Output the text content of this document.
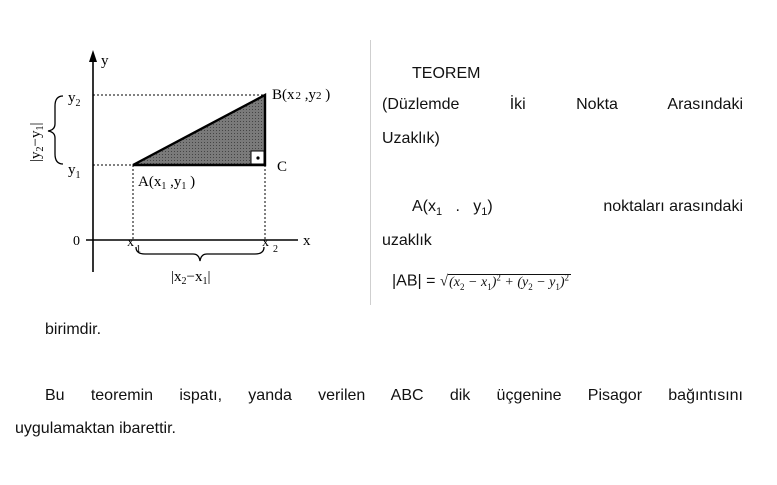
y
x
0
$y_2$
$y_1$
x $_1$	x $_2$
B(x2 ,y2 )
$A(x_1$ $,y_1$ )
C
$|x_2-x_1|$
$|y_2-y_1|$
TEOREM
(Düzlemde İki Nokta Arasındaki
Uzaklık)
$A(x_1$ . $y_1$)	noktaları arasındaki
uzaklık
$|AB| = √(x_2 - x_1)^2 + (y_2 - y_1)^2$
birimdir.
Bu teoremin ispatı, yanda verilen ABC dik üçgenine Pisagor bağıntısını
uygulamaktan ibarettir.
